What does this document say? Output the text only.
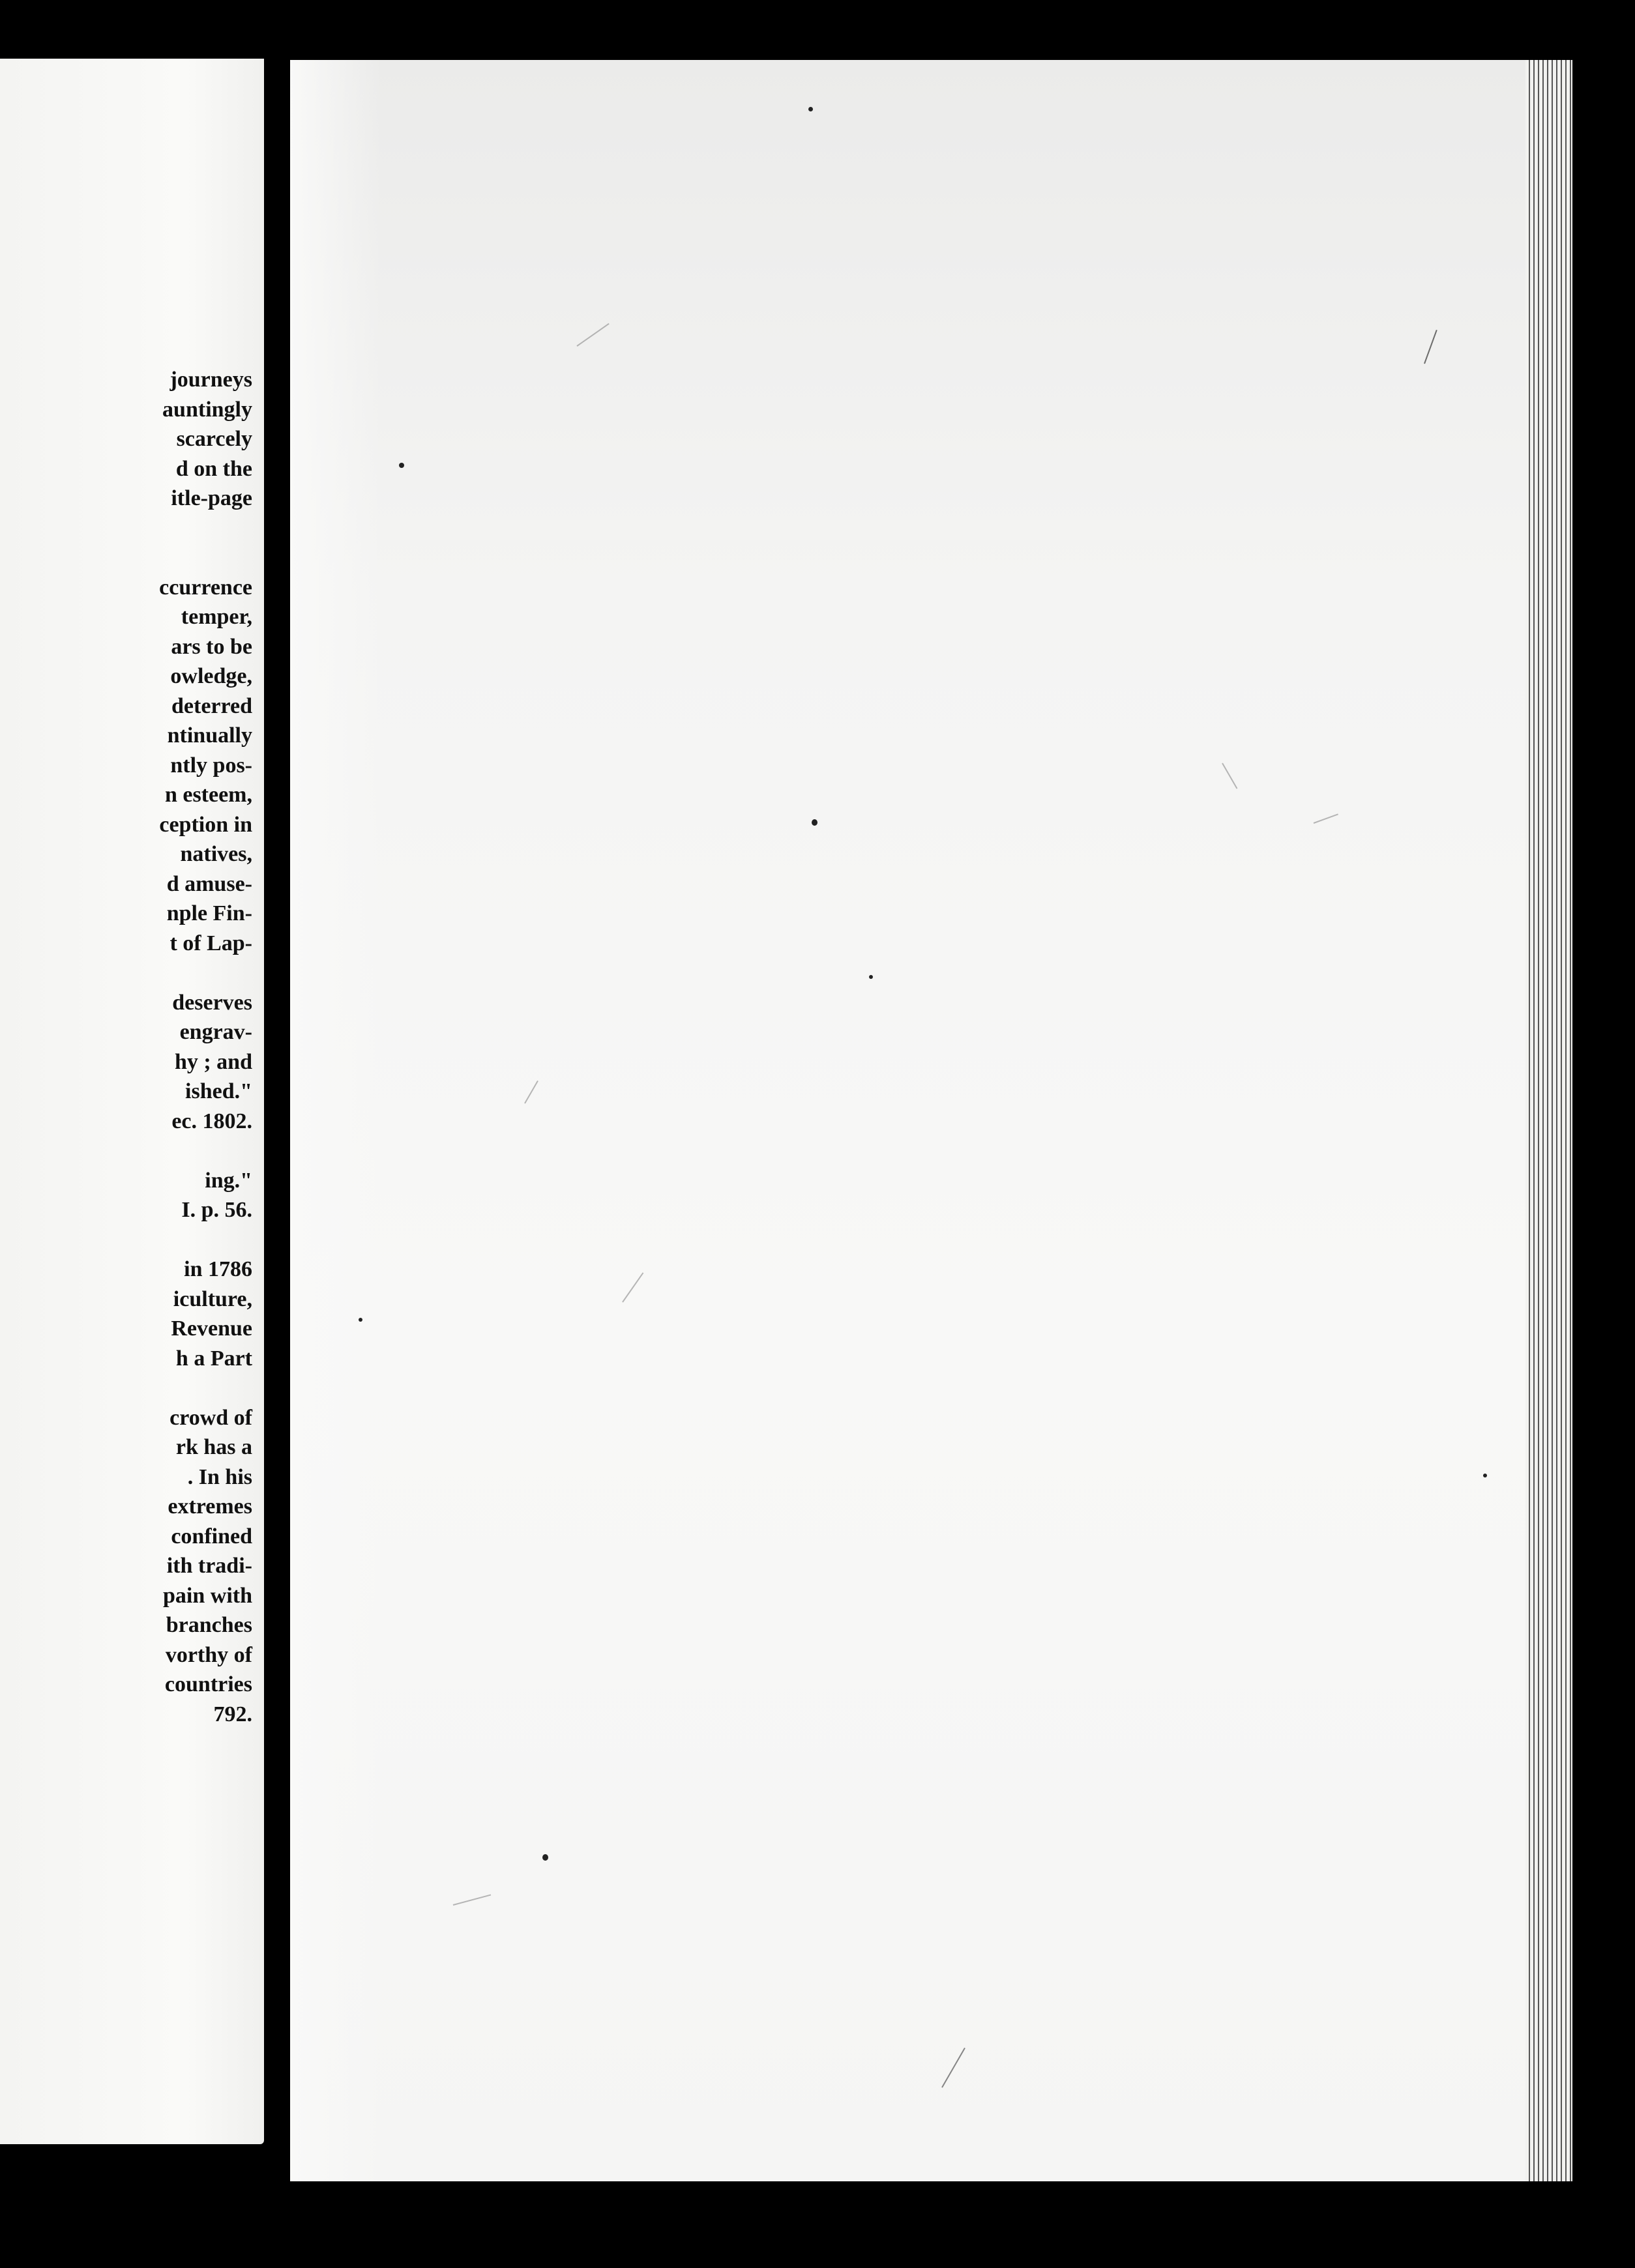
journeys
auntingly
scarcely
d on the
itle-page
ccurrence
temper,
ars to be
owledge,
deterred
ntinually
ntly pos-
n esteem,
ception in
natives,
d amuse-
nple Fin-
t of Lap-
deserves
engrav-
hy ; and
ished."
ec. 1802.
ing."
I. p. 56.
in 1786
iculture,
Revenue
h a Part
crowd of
rk has a
. In his
extremes
confined
ith tradi-
pain with
branches
vorthy of
countries
792.
